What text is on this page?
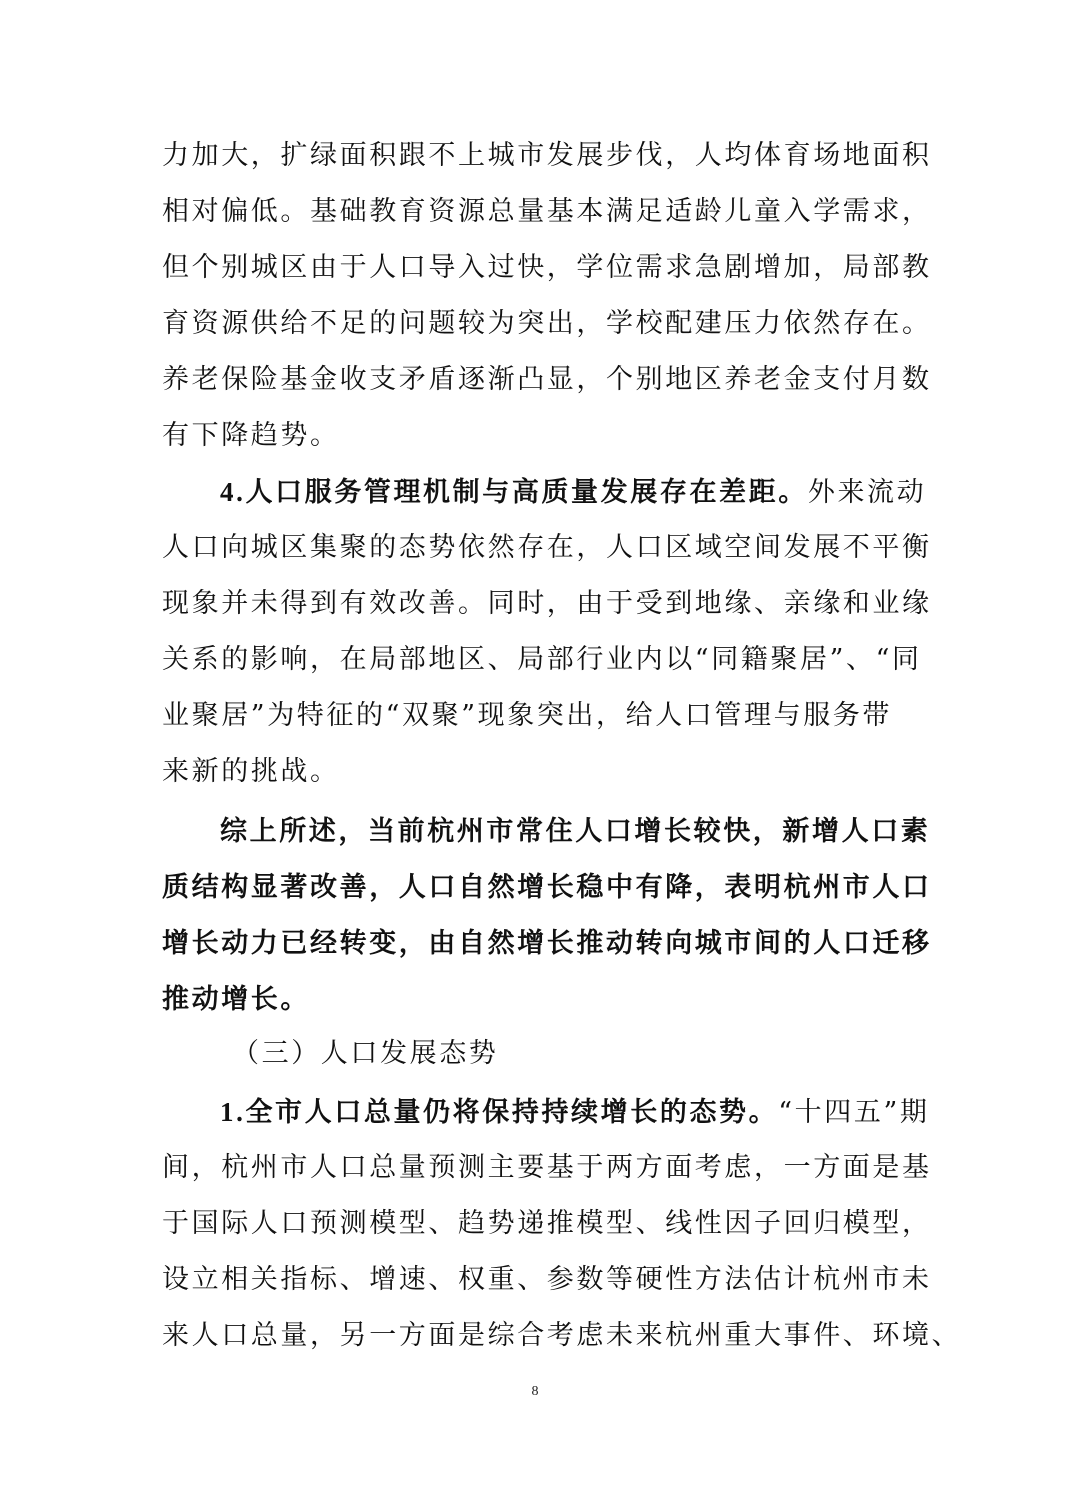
力加大，扩绿面积跟不上城市发展步伐，人均体育场地面积
相对偏低。基础教育资源总量基本满足适龄儿童入学需求，
但个别城区由于人口导入过快，学位需求急剧增加，局部教
育资源供给不足的问题较为突出，学校配建压力依然存在。
养老保险基金收支矛盾逐渐凸显，个别地区养老金支付月数
有下降趋势。
4.人口服务管理机制与高质量发展存在差距。外来流动
人口向城区集聚的态势依然存在，人口区域空间发展不平衡
现象并未得到有效改善。同时，由于受到地缘、亲缘和业缘
关系的影响，在局部地区、局部行业内以“同籍聚居”、“同
业聚居”为特征的“双聚”现象突出，给人口管理与服务带
来新的挑战。
综上所述，当前杭州市常住人口增长较快，新增人口素
质结构显著改善，人口自然增长稳中有降，表明杭州市人口
增长动力已经转变，由自然增长推动转向城市间的人口迁移
推动增长。
（三）人口发展态势
1.全市人口总量仍将保持持续增长的态势。“十四五”期
间，杭州市人口总量预测主要基于两方面考虑，一方面是基
于国际人口预测模型、趋势递推模型、线性因子回归模型，
设立相关指标、增速、权重、参数等硬性方法估计杭州市未
来人口总量，另一方面是综合考虑未来杭州重大事件、环境、
8
